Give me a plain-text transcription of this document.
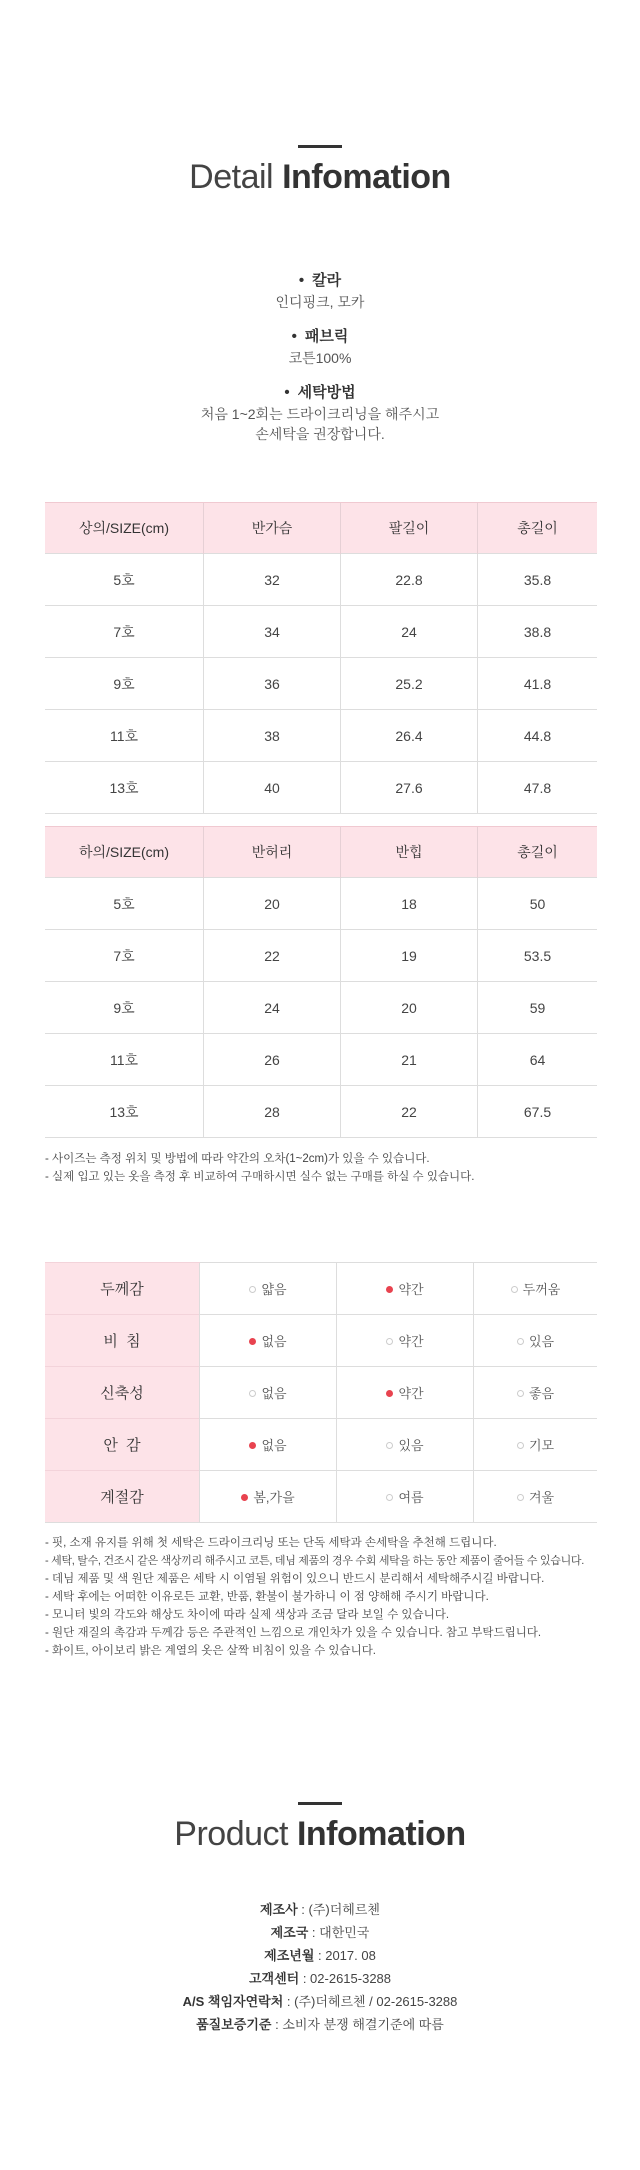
Detail Infomation
• 칼라
인디핑크, 모카
• 패브릭
코튼100%
• 세탁방법
처음 1~2회는 드라이크리닝을 해주시고
손세탁을 권장합니다.
상의/SIZE(cm)	반가슴	팔길이	총길이
5호	32	22.8	35.8
7호	34	24	38.8
9호	36	25.2	41.8
11호	38	26.4	44.8
13호	40	27.6	47.8
하의/SIZE(cm)	반허리	반힙	총길이
5호	20	18	50
7호	22	19	53.5
9호	24	20	59
11호	26	21	64
13호	28	22	67.5
- 사이즈는 측정 위치 및 방법에 따라 약간의 오차(1~2cm)가 있을 수 있습니다.
- 실제 입고 있는 옷을 측정 후 비교하여 구매하시면 실수 없는 구매를 하실 수 있습니다.
두께감	얇음	약간	두꺼움
비  침	없음	약간	있음
신축성	없음	약간	좋음
안  감	없음	있음	기모
계절감	봄,가을	여름	겨울
- 핏, 소재 유지를 위해 첫 세탁은 드라이크리닝 또는 단독 세탁과 손세탁을 추천해 드립니다.
- 세탁, 탈수, 건조시 같은 색상끼리 해주시고 코튼, 데님 제품의 경우 수회 세탁을 하는 동안 제품이 줄어들 수 있습니다.
- 데님 제품 및 색 원단 제품은 세탁 시 이염될 위험이 있으니 반드시 분리해서 세탁해주시길 바랍니다.
- 세탁 후에는 어떠한 이유로든 교환, 반품, 환불이 불가하니 이 점 양해해 주시기 바랍니다.
- 모니터 빛의 각도와 해상도 차이에 따라 실제 색상과 조금 달라 보일 수 있습니다.
- 원단 재질의 촉감과 두께감 등은 주관적인 느낌으로 개인차가 있을 수 있습니다. 참고 부탁드립니다.
- 화이트, 아이보리 밝은 계열의 옷은 살짝 비침이 있을 수 있습니다.
Product Infomation
제조사 : (주)더헤르첸
제조국 : 대한민국
제조년월 : 2017. 08
고객센터 : 02-2615-3288
A/S 책임자연락처 : (주)더헤르첸 / 02-2615-3288
품질보증기준 : 소비자 분쟁 해결기준에 따름
